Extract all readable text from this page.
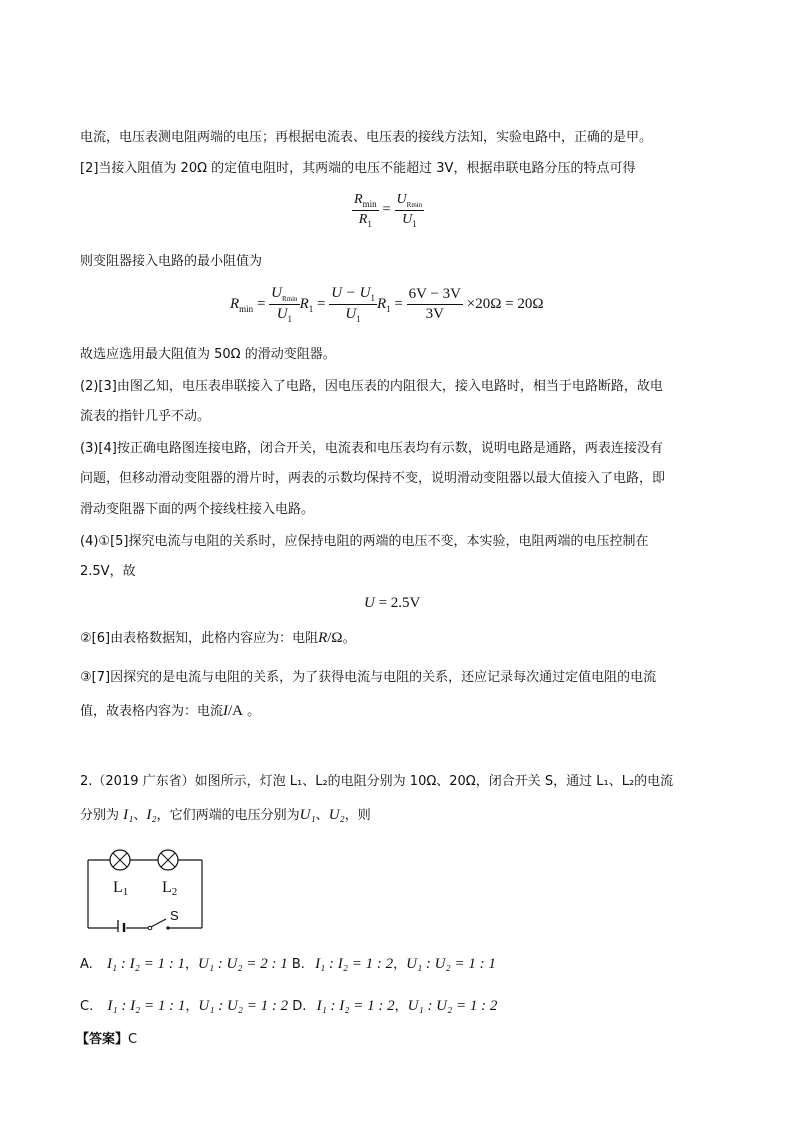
电流，电压表测电阻两端的电压；再根据电流表、电压表的接线方法知，实验电路中，正确的是甲。
[2]当接入阻值为 20Ω 的定值电阻时，其两端的电压不能超过 3V，根据串联电路分压的特点可得
$\frac{R_{min}}{R_1} = \frac{U_{Rmin}}{U_1}$
则变阻器接入电路的最小阻值为
$R_{min} = \frac{U_{Rmin}}{U_1} R_1 = \frac{U - U_1}{U_1} R_1 = \frac{6V - 3V}{3V} \times 20\Omega = 20\Omega$
故选应选用最大阻值为 50Ω 的滑动变阻器。
(2)[3]由图乙知，电压表串联接入了电路，因电压表的内阻很大，接入电路时，相当于电路断路，故电
流表的指针几乎不动。
(3)[4]按正确电路图连接电路，闭合开关，电流表和电压表均有示数，说明电路是通路，两表连接没有
问题，但移动滑动变阻器的滑片时，两表的示数均保持不变，说明滑动变阻器以最大值接入了电路，即
滑动变阻器下面的两个接线柱接入电路。
(4)①[5]探究电流与电阻的关系时，应保持电阻的两端的电压不变，本实验，电阻两端的电压控制在
2.5V，故
U = 2.5V
②[6]由表格数据知，此格内容应为：电阻R/Ω。
③[7]因探究的是电流与电阻的关系，为了获得电流与电阻的关系，还应记录每次通过定值电阻的电流
值，故表格内容为：电流I/A 。
2.（2019 广东省）如图所示，灯泡 L₁、L₂的电阻分别为 10Ω、20Ω，闭合开关 S，通过 L₁、L₂的电流
分别为 I₁、I₂，它们两端的电压分别为U₁、U₂，则
L1 L2
S
A. I₁ : I₂ = 1 : 1，U₁ : U₂ = 2 : 1 B. I₁ : I₂ = 1 : 2，U₁ : U₂ = 1 : 1
C. I₁ : I₂ = 1 : 1，U₁ : U₂ = 1 : 2 D. I₁ : I₂ = 1 : 2，U₁ : U₂ = 1 : 2
【答案】C
